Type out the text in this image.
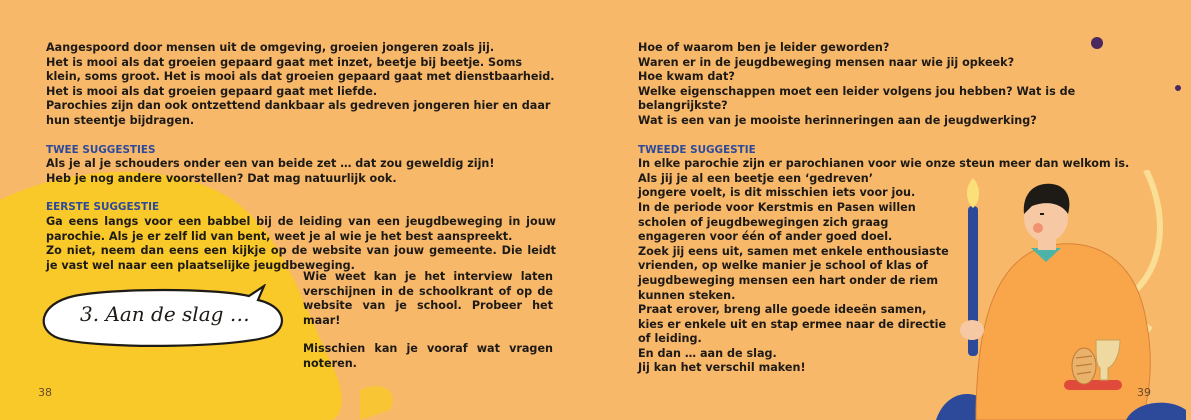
Aangespoord door mensen uit de omgeving, groeien jongeren zoals jij.

Het is mooi als dat groeien gepaard gaat met inzet, beetje bij beetje. Soms klein, soms groot. Het is mooi als dat groeien gepaard gaat met dienstbaarheid.

Het is mooi als dat groeien gepaard gaat met liefde.

Parochies zijn dan ook ontzettend dankbaar als gedreven jongeren hier en daar hun steentje bijdragen.

TWEE SUGGESTIES

Als je al je schouders onder een van beide zet … dat zou geweldig zijn!

Heb je nog andere voorstellen? Dat mag natuurlijk ook.

EERSTE SUGGESTIE

Ga eens langs voor een babbel bij de leiding van een jeugdbeweging in jouw parochie. Als je er zelf lid van bent, weet je al wie je het best aanspreekt.

Zo niet, neem dan eens een kijkje op de website van jouw gemeente. Die leidt je vast wel naar een plaatselijke jeugdbeweging.

3. Aan de slag …

Wie weet kan je het interview laten verschijnen in de schoolkrant of op de website van je school. Probeer het maar!

Misschien kan je vooraf wat vragen noteren.

38

Hoe of waarom ben je leider geworden?

Waren er in de jeugdbeweging mensen naar wie jij opkeek?

Hoe kwam dat?

Welke eigenschappen moet een leider volgens jou hebben? Wat is de belangrijkste?

Wat is een van je mooiste herinneringen aan de jeugdwerking?

TWEEDE SUGGESTIE

In elke parochie zijn er parochianen voor wie onze steun meer dan welkom is.

Als jij je al een beetje een ‘gedreven’

jongere voelt, is dit misschien iets voor jou.

In de periode voor Kerstmis en Pasen willen

scholen of jeugdbewegingen zich graag

engageren voor één of ander goed doel.

Zoek jij eens uit, samen met enkele enthousiaste

vrienden, op welke manier je school of klas of

jeugdbeweging mensen een hart onder de riem

kunnen steken.

Praat erover, breng alle goede ideeën samen,

kies er enkele uit en stap ermee naar de directie

of leiding.

En dan … aan de slag.

Jij kan het verschil maken!

39
